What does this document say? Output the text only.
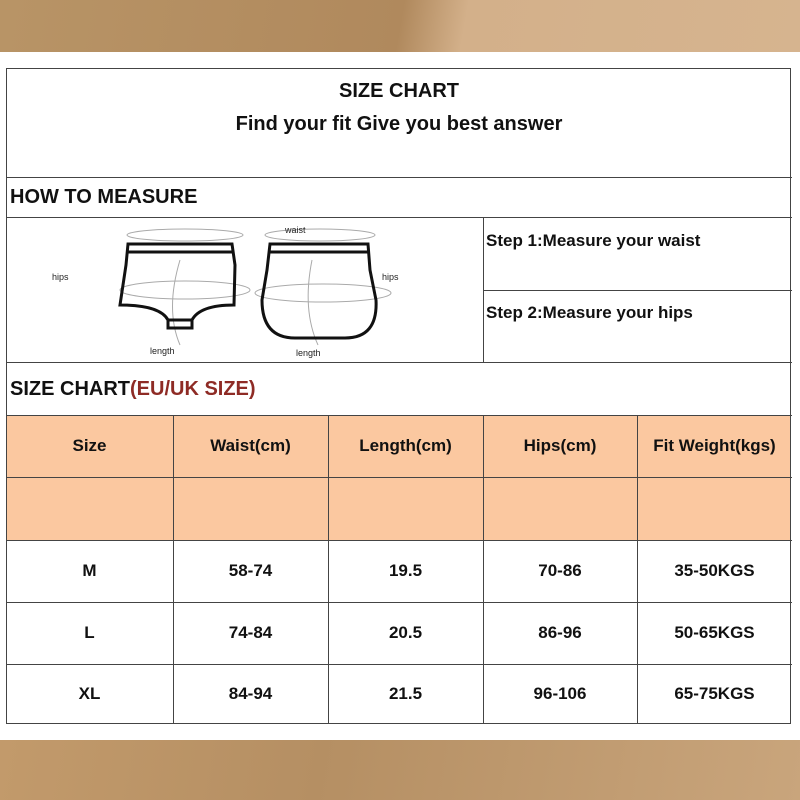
SIZE CHART
Find your fit Give you best answer
HOW TO MEASURE
hips
waist
hips
length	length
Step 1:Measure your waist
Step 2:Measure your hips
SIZE CHART(EU/UK SIZE)
Size	Waist(cm)	Length(cm)	Hips(cm)	Fit Weight(kgs)
M	58-74	19.5	70-86	35-50KGS
L	74-84	20.5	86-96	50-65KGS
XL	84-94	21.5	96-106	65-75KGS
